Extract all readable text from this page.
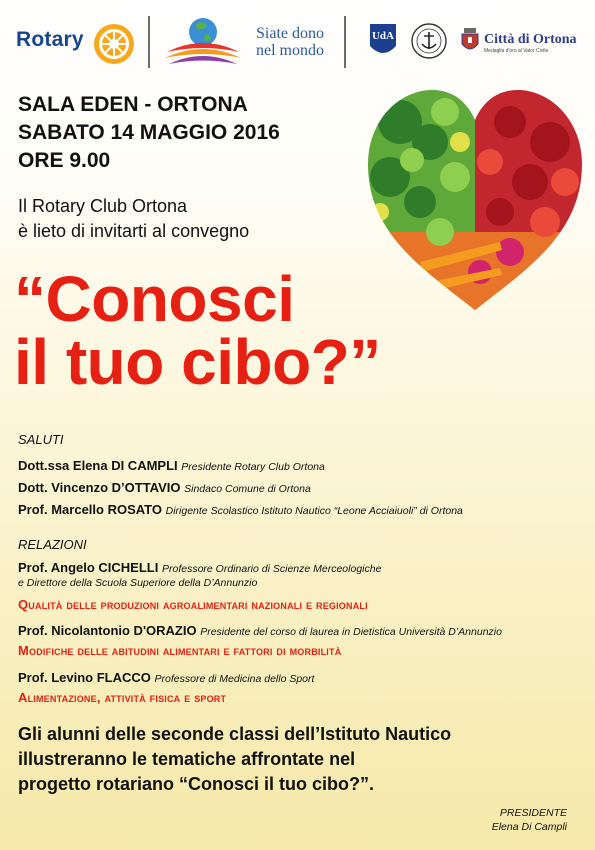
Rotary	Siate dono
nel mondo
UdA	Città di Ortona
Medaglia d'oro al Valor Civile
SALA EDEN - ORTONA
SABATO 14 MAGGIO 2016
ORE 9.00
Il Rotary Club Ortona
è lieto di invitarti al convegno
“Conosci
il tuo cibo?”
SALUTI
Dott.ssa Elena DI CAMPLI Presidente Rotary Club Ortona
Dott. Vincenzo D’OTTAVIO Sindaco Comune di Ortona
Prof. Marcello ROSATO Dirigente Scolastico Istituto Nautico “Leone Acciaiuoli” di Ortona
RELAZIONI
Prof. Angelo CICHELLI Professore Ordinario di Scienze Merceologiche
e Direttore della Scuola Superiore della D’Annunzio
Qualità delle produzioni agroalimentari nazionali e regionali
Prof. Nicolantonio D'ORAZIO Presidente del corso di laurea in Dietistica Università D’Annunzio
Modifiche delle abitudini alimentari e fattori di morbilità
Prof. Levino FLACCO Professore di Medicina dello Sport
Alimentazione, attività fisica e sport
Gli alunni delle seconde classi dell’Istituto Nautico
illustreranno le tematiche affrontate nel
progetto rotariano “Conosci il tuo cibo?”.
PRESIDENTE
Elena Di Campli
